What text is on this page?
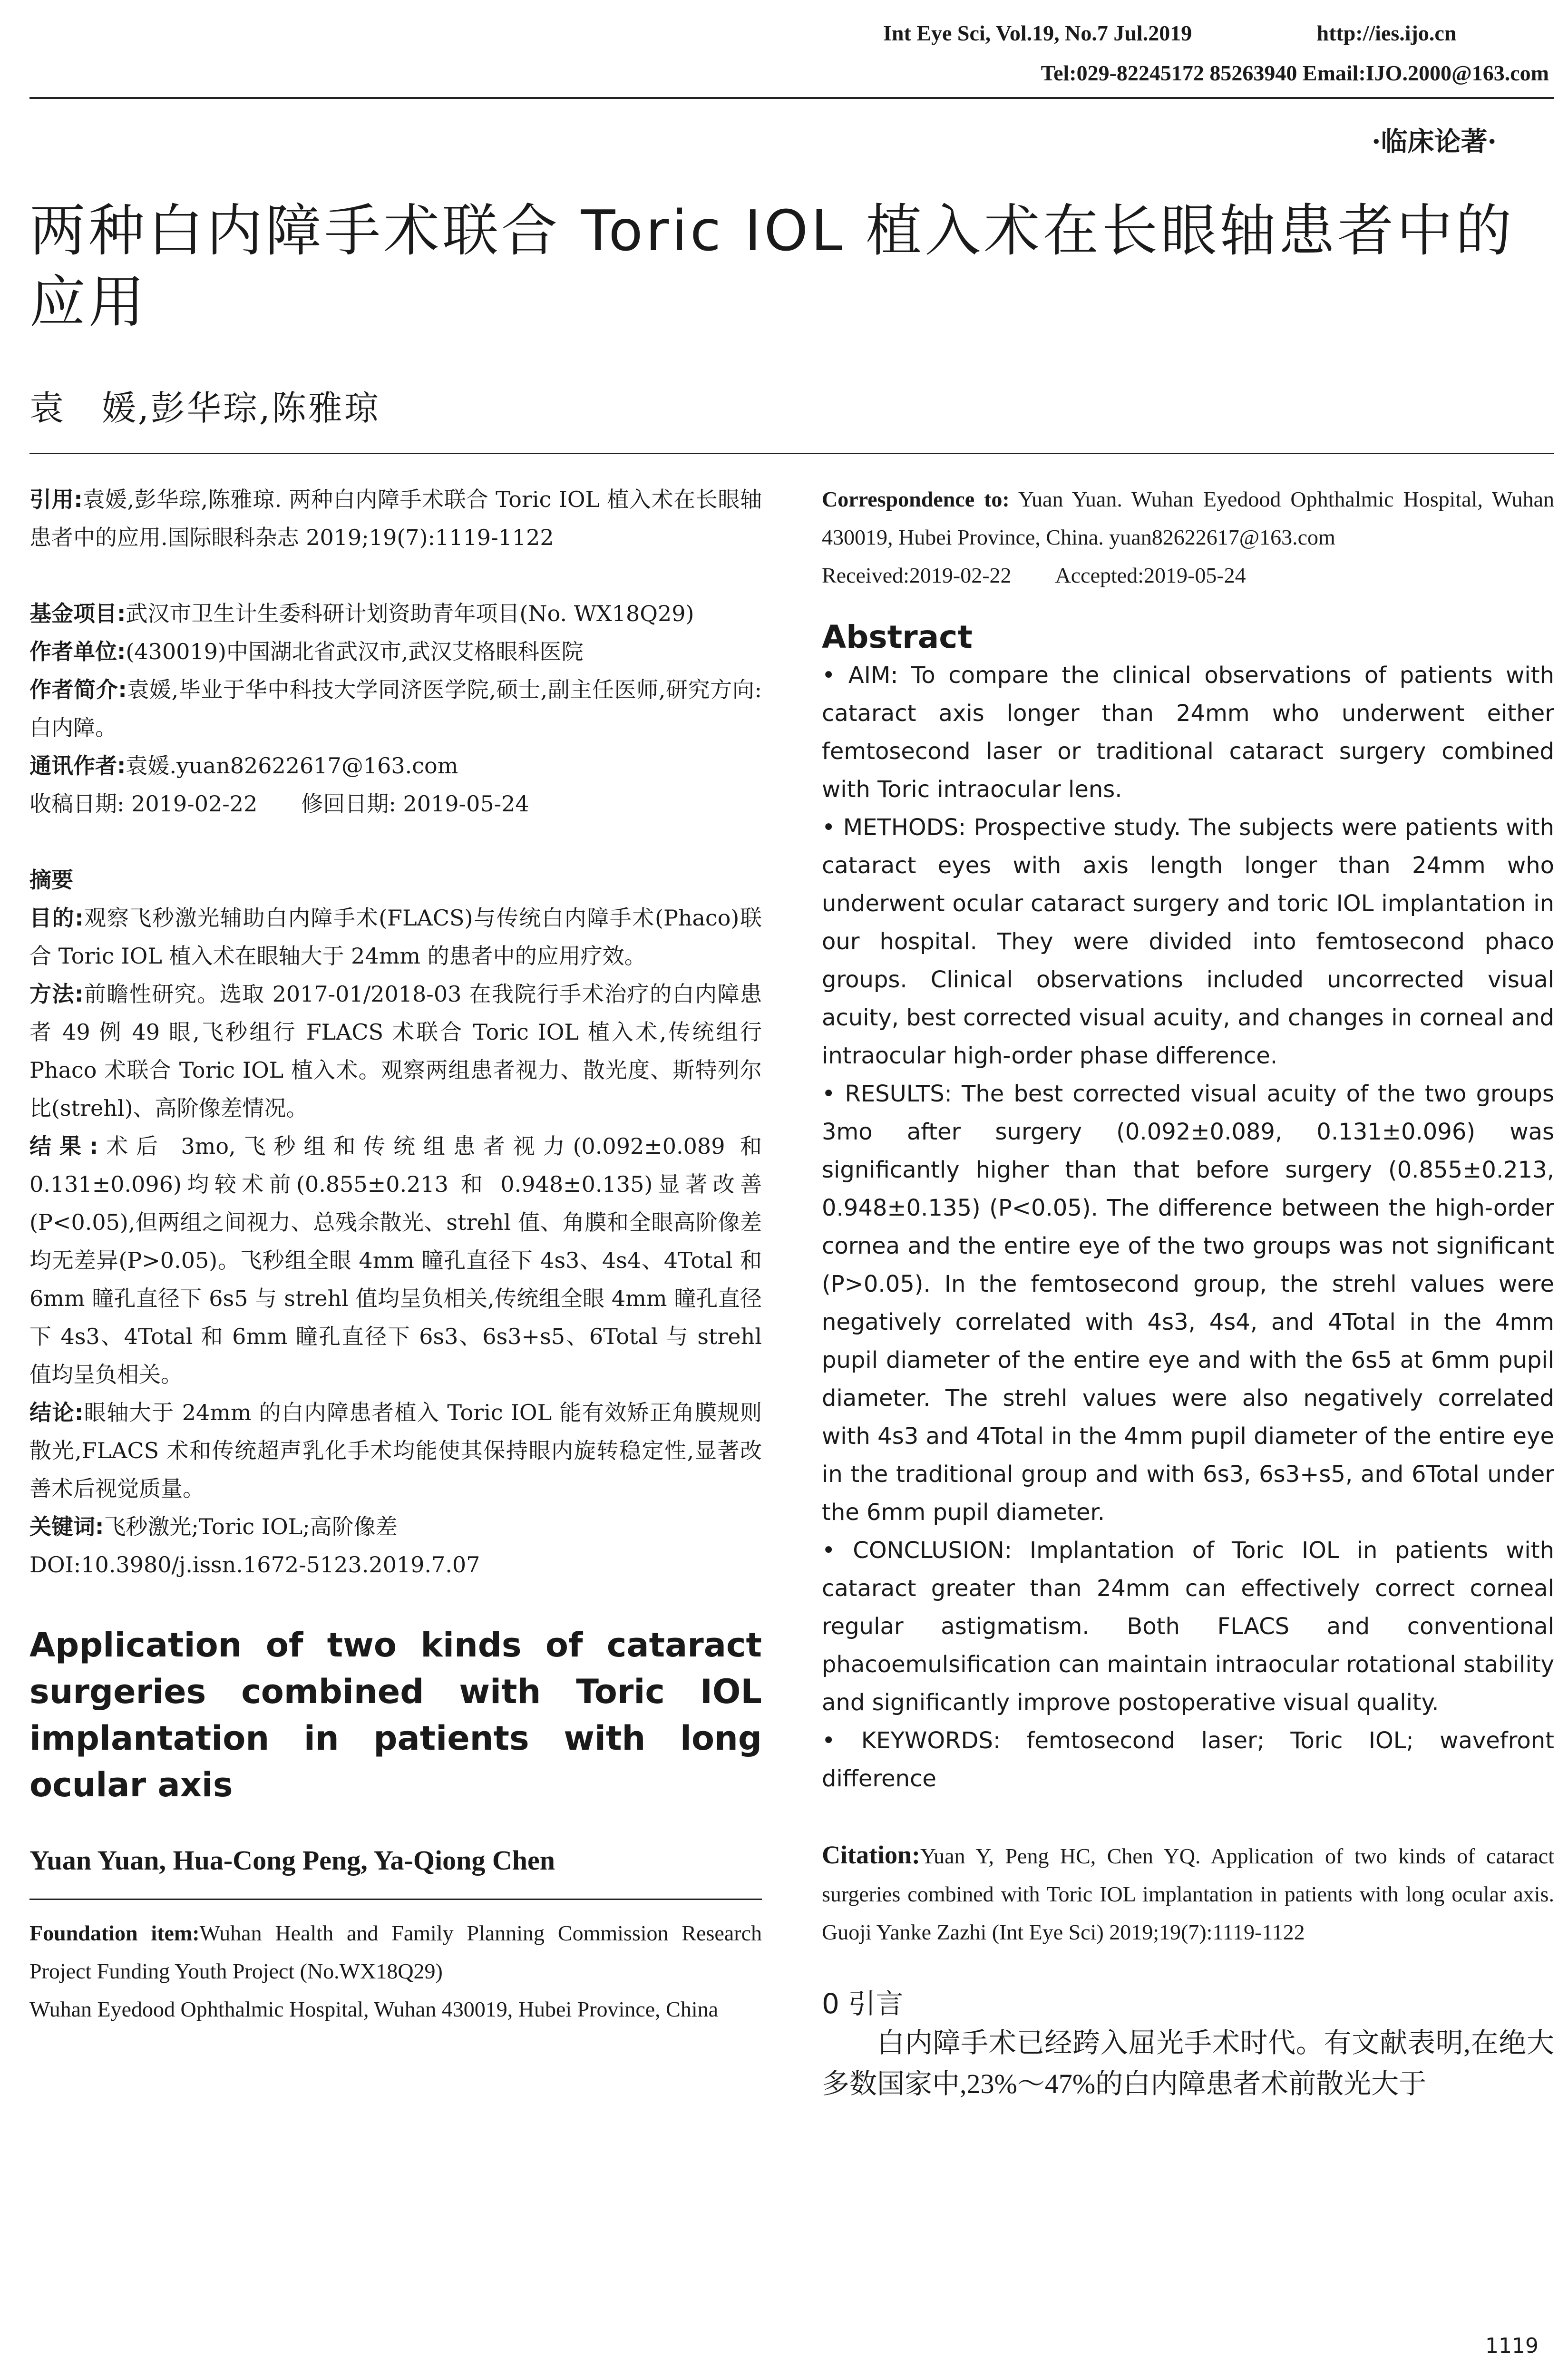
Int Eye Sci, Vol.19, No.7 Jul.2019	http://ies.ijo.cn
Tel:029-82245172 85263940 Email:IJO.2000@163.com
·临床论著·
两种白内障手术联合 Toric IOL 植入术在长眼轴患者中的应用
袁　媛,彭华琮,陈雅琼

引用:袁媛,彭华琮,陈雅琼. 两种白内障手术联合 Toric IOL 植入术在长眼轴患者中的应用.国际眼科杂志 2019;19(7):1119-1122

基金项目:武汉市卫生计生委科研计划资助青年项目(No. WX18Q29)

作者单位:(430019)中国湖北省武汉市,武汉艾格眼科医院

作者简介:袁媛,毕业于华中科技大学同济医学院,硕士,副主任医师,研究方向:白内障。

通讯作者:袁媛.yuan82622617@163.com

收稿日期: 2019-02-22　　修回日期: 2019-05-24

摘要

目的:观察飞秒激光辅助白内障手术(FLACS)与传统白内障手术(Phaco)联合 Toric IOL 植入术在眼轴大于 24mm 的患者中的应用疗效。

方法:前瞻性研究。选取 2017-01/2018-03 在我院行手术治疗的白内障患者 49 例 49 眼,飞秒组行 FLACS 术联合 Toric IOL 植入术,传统组行 Phaco 术联合 Toric IOL 植入术。观察两组患者视力、散光度、斯特列尔比(strehl)、高阶像差情况。

结果:术后 3mo,飞秒组和传统组患者视力(0.092±0.089 和 0.131±0.096)均较术前(0.855±0.213 和 0.948±0.135)显著改善(P<0.05),但两组之间视力、总残余散光、strehl 值、角膜和全眼高阶像差均无差异(P>0.05)。飞秒组全眼 4mm 瞳孔直径下 4s3、4s4、4Total 和 6mm 瞳孔直径下 6s5 与 strehl 值均呈负相关,传统组全眼 4mm 瞳孔直径下 4s3、4Total 和 6mm 瞳孔直径下 6s3、6s3+s5、6Total 与 strehl 值均呈负相关。

结论:眼轴大于 24mm 的白内障患者植入 Toric IOL 能有效矫正角膜规则散光,FLACS 术和传统超声乳化手术均能使其保持眼内旋转稳定性,显著改善术后视觉质量。

关键词:飞秒激光;Toric IOL;高阶像差

DOI:10.3980/j.issn.1672-5123.2019.7.07

Application of two kinds of cataract surgeries combined with Toric IOL implantation in patients with long ocular axis

Yuan Yuan, Hua-Cong Peng, Ya-Qiong Chen

Foundation item:Wuhan Health and Family Planning Commission Research Project Funding Youth Project (No.WX18Q29)

Wuhan Eyedood Ophthalmic Hospital, Wuhan 430019, Hubei Province, China

Correspondence to: Yuan Yuan. Wuhan Eyedood Ophthalmic Hospital, Wuhan 430019, Hubei Province, China. yuan82622617@163.com

Received:2019-02-22　　Accepted:2019-05-24

Abstract

• AIM: To compare the clinical observations of patients with cataract axis longer than 24mm who underwent either femtosecond laser or traditional cataract surgery combined with Toric intraocular lens.

• METHODS: Prospective study. The subjects were patients with cataract eyes with axis length longer than 24mm who underwent ocular cataract surgery and toric IOL implantation in our hospital. They were divided into femtosecond phaco groups. Clinical observations included uncorrected visual acuity, best corrected visual acuity, and changes in corneal and intraocular high-order phase difference.

• RESULTS: The best corrected visual acuity of the two groups 3mo after surgery (0.092±0.089, 0.131±0.096) was significantly higher than that before surgery (0.855±0.213, 0.948±0.135) (P<0.05). The difference between the high-order cornea and the entire eye of the two groups was not significant (P>0.05). In the femtosecond group, the strehl values were negatively correlated with 4s3, 4s4, and 4Total in the 4mm pupil diameter of the entire eye and with the 6s5 at 6mm pupil diameter. The strehl values were also negatively correlated with 4s3 and 4Total in the 4mm pupil diameter of the entire eye in the traditional group and with 6s3, 6s3+s5, and 6Total under the 6mm pupil diameter.

• CONCLUSION: Implantation of Toric IOL in patients with cataract greater than 24mm can effectively correct corneal regular astigmatism. Both FLACS and conventional phacoemulsification can maintain intraocular rotational stability and significantly improve postoperative visual quality.

• KEYWORDS: femtosecond laser; Toric IOL; wavefront difference

Citation:Yuan Y, Peng HC, Chen YQ. Application of two kinds of cataract surgeries combined with Toric IOL implantation in patients with long ocular axis. Guoji Yanke Zazhi (Int Eye Sci) 2019;19(7):1119-1122

0 引言

白内障手术已经跨入屈光手术时代。有文献表明,在绝大多数国家中,23%～47%的白内障患者术前散光大于

1119
